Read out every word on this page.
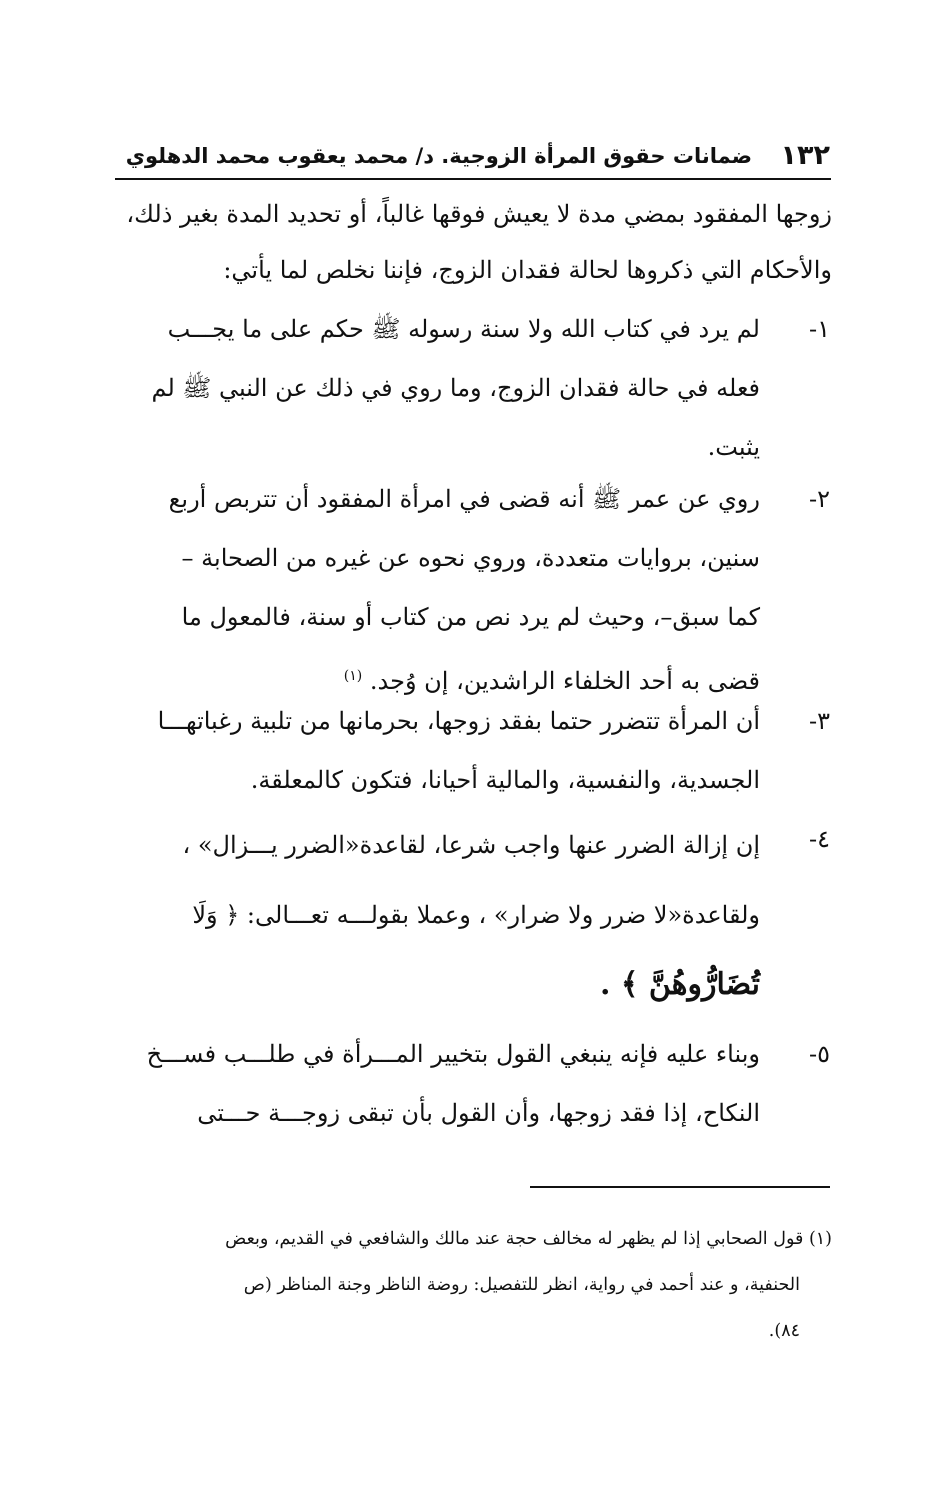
١٣٢
ضمانات حقوق المرأة الزوجية. د/ محمد يعقوب محمد الدهلوي

زوجها المفقود بمضي مدة لا يعيش فوقها غالباً، أو تحديد المدة بغير ذلك،

والأحكام التي ذكروها لحالة فقدان الزوج، فإننا نخلص لما يأتي:

١-
لم يرد في كتاب الله ولا سنة رسوله ﷺ حكم على ما يجـــب
فعله في حالة فقدان الزوج، وما روي في ذلك عن النبي ﷺ لم
يثبت.
٢-
روي عن عمر ﷺ أنه قضى في امرأة المفقود أن تتربص أربع
سنين، بروايات متعددة، وروي نحوه عن غيره من الصحابة –
كما سبق–، وحيث لم يرد نص من كتاب أو سنة، فالمعول ما
قضى به أحد الخلفاء الراشدين، إن وُجد. $^{(١)}$
٣-
أن المرأة تتضرر حتما بفقد زوجها، بحرمانها من تلبية رغباتهـــا
الجسدية، والنفسية، والمالية أحيانا، فتكون كالمعلقة.
٤-
إن إزالة الضرر عنها واجب شرعا، لقاعدة«الضرر يـــزال» ،
ولقاعدة«لا ضرر ولا ضرار» ، وعملا بقولـــه تعـــالى: ﴿ وَلَا
تُضَارُّوهُنَّ ﴾ .
٥-
وبناء عليه فإنه ينبغي القول بتخيير المـــرأة في طلـــب فســـخ
النكاح، إذا فقد زوجها، وأن القول بأن تبقى زوجـــة حـــتى
(١) قول الصحابي إذا لم يظهر له مخالف حجة عند مالك والشافعي في القديم، وبعض
الحنفية، و عند أحمد في رواية، انظر للتفصيل: روضة الناظر وجنة المناظر (ص
٨٤).
